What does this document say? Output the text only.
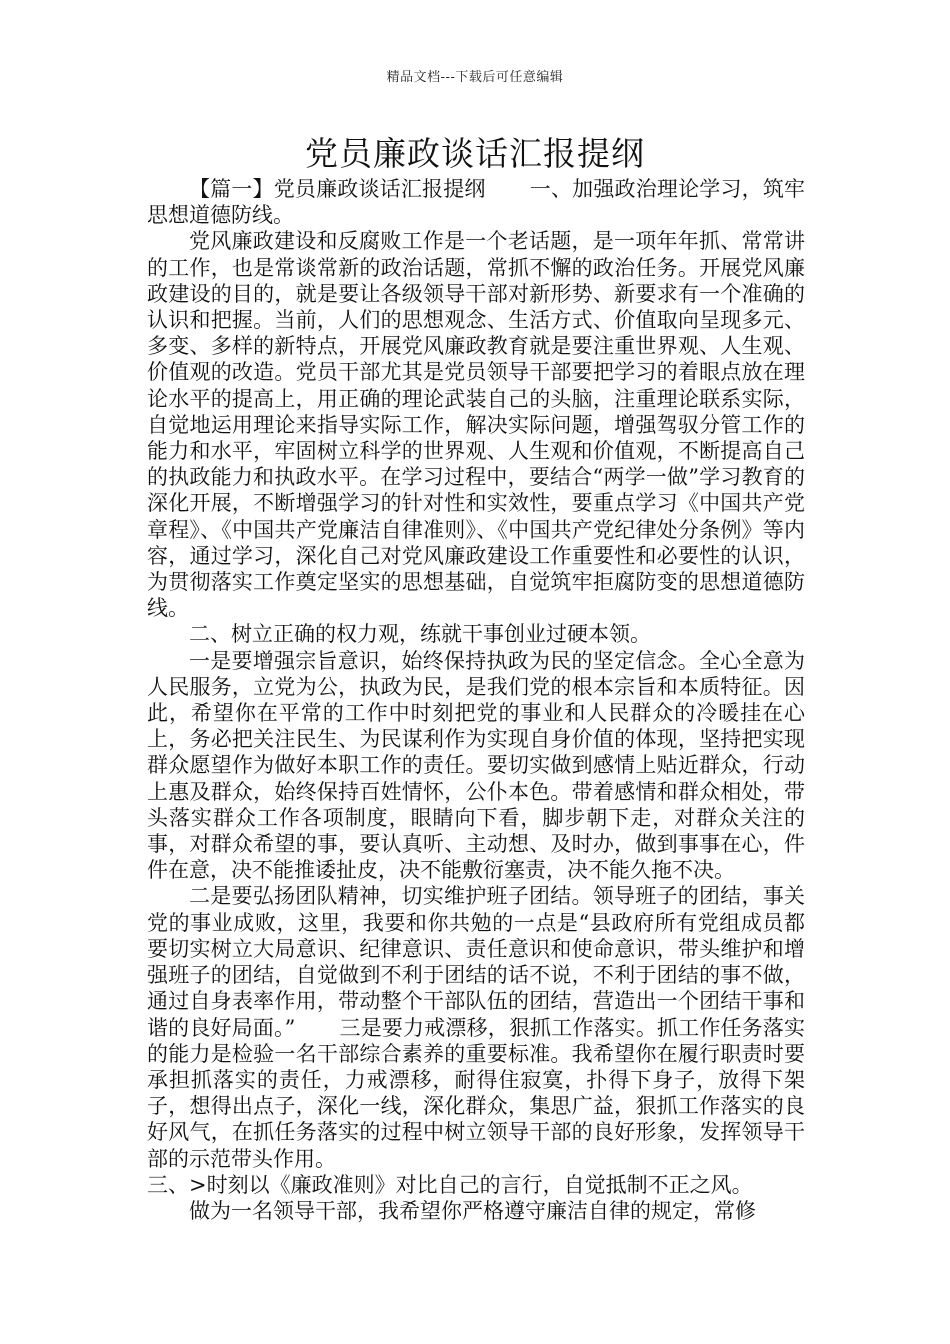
精品文档---下载后可任意编辑
党员廉政谈话汇报提纲

【篇一】党员廉政谈话汇报提纲 一、加强政治理论学习，筑牢思想道德防线。

党风廉政建设和反腐败工作是一个老话题，是一项年年抓、常常讲的工作，也是常谈常新的政治话题，常抓不懈的政治任务。开展党风廉政建设的目的，就是要让各级领导干部对新形势、新要求有一个准确的认识和把握。当前，人们的思想观念、生活方式、价值取向呈现多元、多变、多样的新特点，开展党风廉政教育就是要注重世界观、人生观、价值观的改造。党员干部尤其是党员领导干部要把学习的着眼点放在理论水平的提高上，用正确的理论武装自己的头脑，注重理论联系实际，自觉地运用理论来指导实际工作，解决实际问题，增强驾驭分管工作的能力和水平，牢固树立科学的世界观、人生观和价值观，不断提高自己的执政能力和执政水平。在学习过程中，要结合“两学一做”学习教育的深化开展，不断增强学习的针对性和实效性，要重点学习《中国共产党章程》、《中国共产党廉洁自律准则》、《中国共产党纪律处分条例》等内容，通过学习，深化自己对党风廉政建设工作重要性和必要性的认识，为贯彻落实工作奠定坚实的思想基础，自觉筑牢拒腐防变的思想道德防线。

二、树立正确的权力观，练就干事创业过硬本领。

一是要增强宗旨意识，始终保持执政为民的坚定信念。全心全意为人民服务，立党为公，执政为民，是我们党的根本宗旨和本质特征。因此，希望你在平常的工作中时刻把党的事业和人民群众的冷暖挂在心上，务必把关注民生、为民谋利作为实现自身价值的体现，坚持把实现群众愿望作为做好本职工作的责任。要切实做到感情上贴近群众，行动上惠及群众，始终保持百姓情怀，公仆本色。带着感情和群众相处，带头落实群众工作各项制度，眼睛向下看，脚步朝下走，对群众关注的事，对群众希望的事，要认真听、主动想、及时办，做到事事在心，件件在意，决不能推诿扯皮，决不能敷衍塞责，决不能久拖不决。

二是要弘扬团队精神，切实维护班子团结。领导班子的团结，事关党的事业成败，这里，我要和你共勉的一点是“县政府所有党组成员都要切实树立大局意识、纪律意识、责任意识和使命意识，带头维护和增强班子的团结，自觉做到不利于团结的话不说，不利于团结的事不做，通过自身表率作用，带动整个干部队伍的团结，营造出一个团结干事和谐的良好局面。” 三是要力戒漂移，狠抓工作落实。抓工作任务落实的能力是检验一名干部综合素养的重要标准。我希望你在履行职责时要承担抓落实的责任，力戒漂移，耐得住寂寞，扑得下身子，放得下架子，想得出点子，深化一线，深化群众，集思广益，狠抓工作落实的良好风气，在抓任务落实的过程中树立领导干部的良好形象，发挥领导干部的示范带头作用。

三、>时刻以《廉政准则》对比自己的言行，自觉抵制不正之风。

做为一名领导干部，我希望你严格遵守廉洁自律的规定，常修
